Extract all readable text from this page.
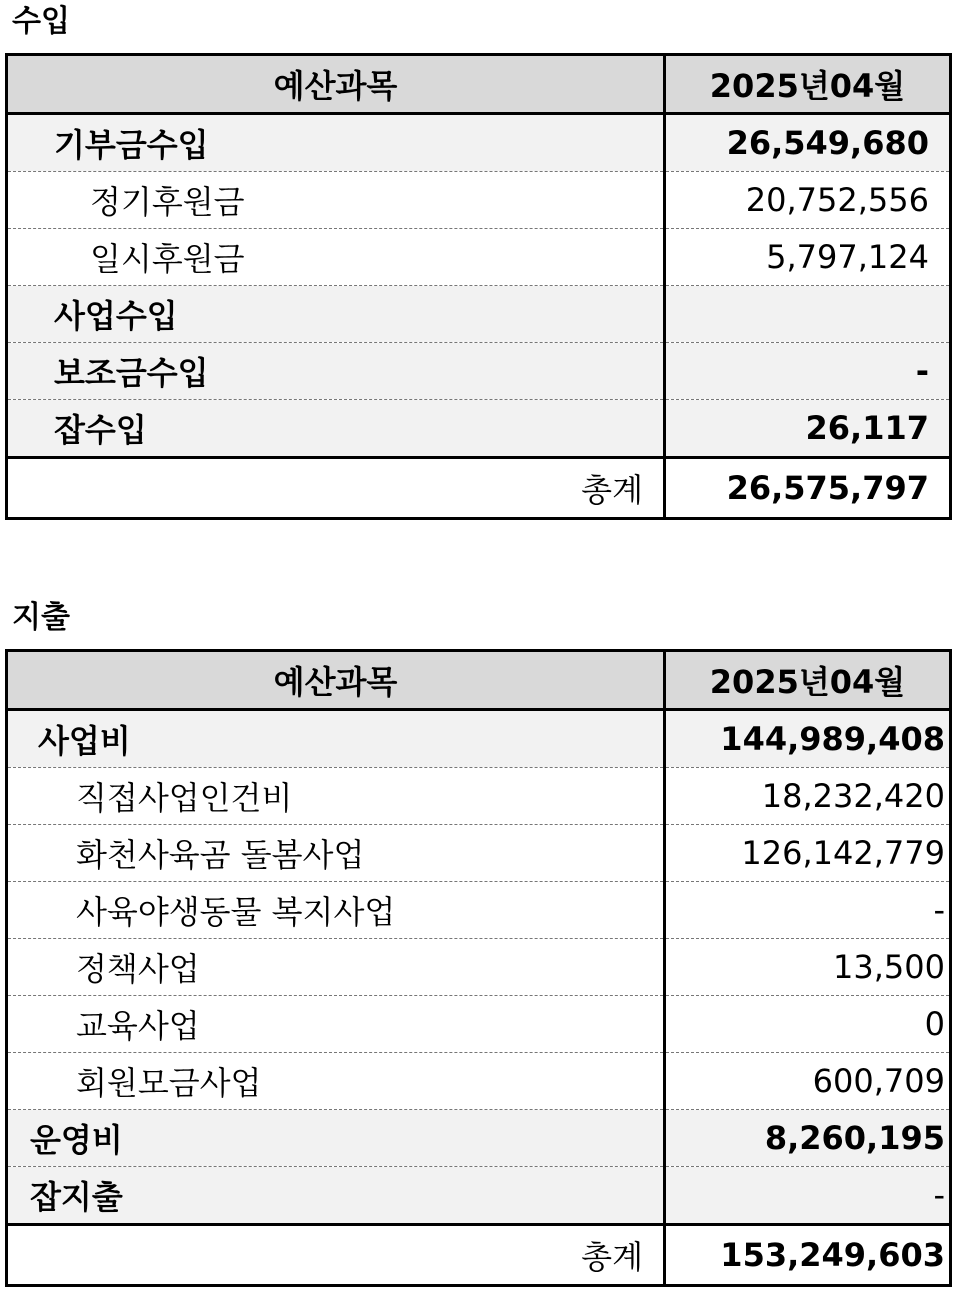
수입
예산과목	2025년04월
기부금수입	26,549,680
정기후원금	20,752,556
일시후원금	5,797,124
사업수입	
보조금수입	-
잡수입	26,117
총계	26,575,797
지출
예산과목	2025년04월
사업비	144,989,408
직접사업인건비	18,232,420
화천사육곰 돌봄사업	126,142,779
사육야생동물 복지사업	-
정책사업	13,500
교육사업	0
회원모금사업	600,709
운영비	8,260,195
잡지출	-
총계	153,249,603
